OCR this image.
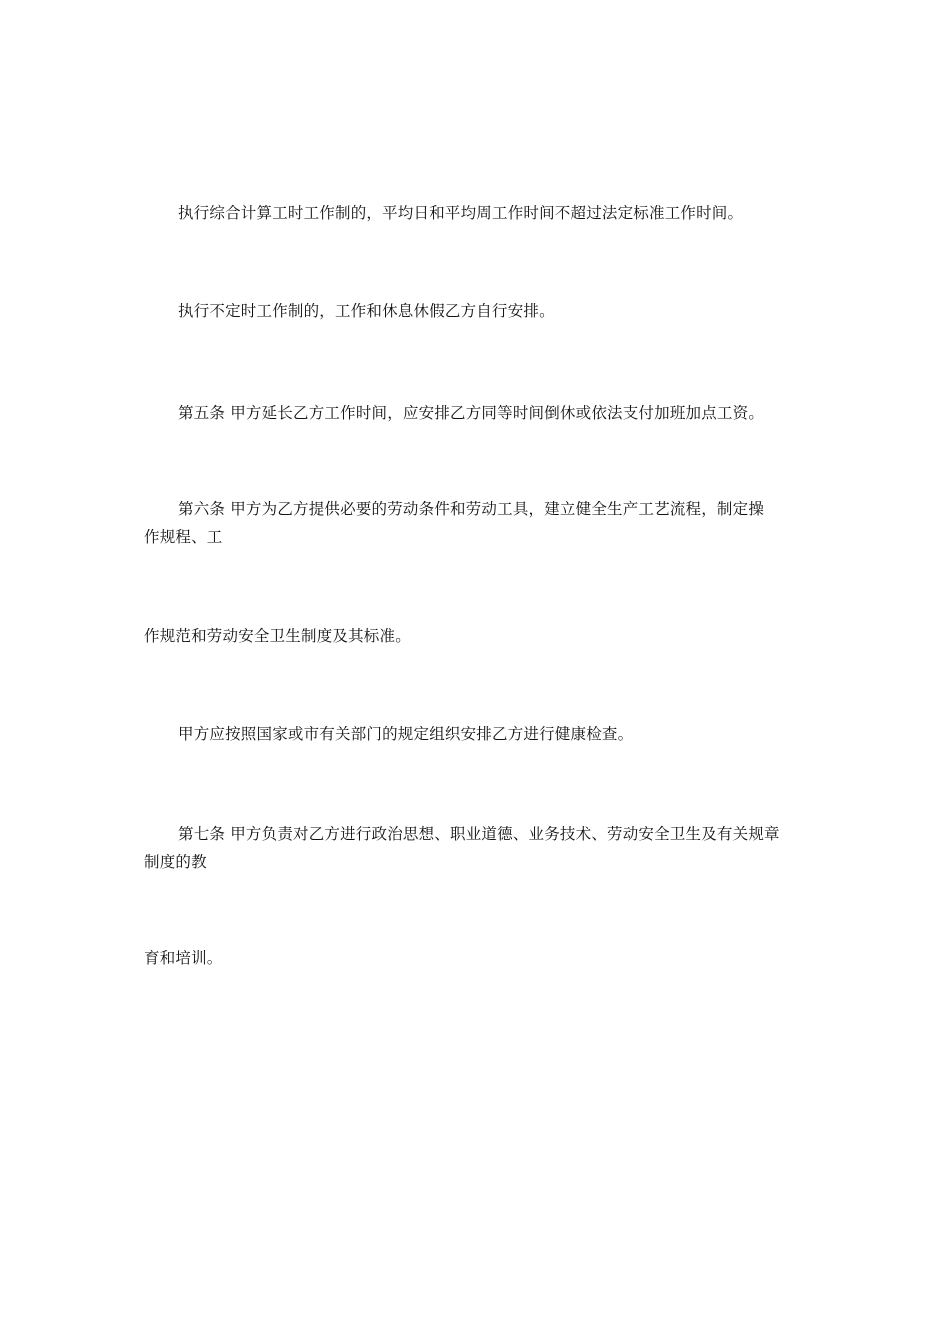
执行综合计算工时工作制的，平均日和平均周工作时间不超过法定标准工作时间。
执行不定时工作制的，工作和休息休假乙方自行安排。
第五条 甲方延长乙方工作时间，应安排乙方同等时间倒休或依法支付加班加点工资。
第六条 甲方为乙方提供必要的劳动条件和劳动工具，建立健全生产工艺流程，制定操
作规程、工
作规范和劳动安全卫生制度及其标准。
甲方应按照国家或市有关部门的规定组织安排乙方进行健康检查。
第七条 甲方负责对乙方进行政治思想、职业道德、业务技术、劳动安全卫生及有关规章
制度的教
育和培训。
